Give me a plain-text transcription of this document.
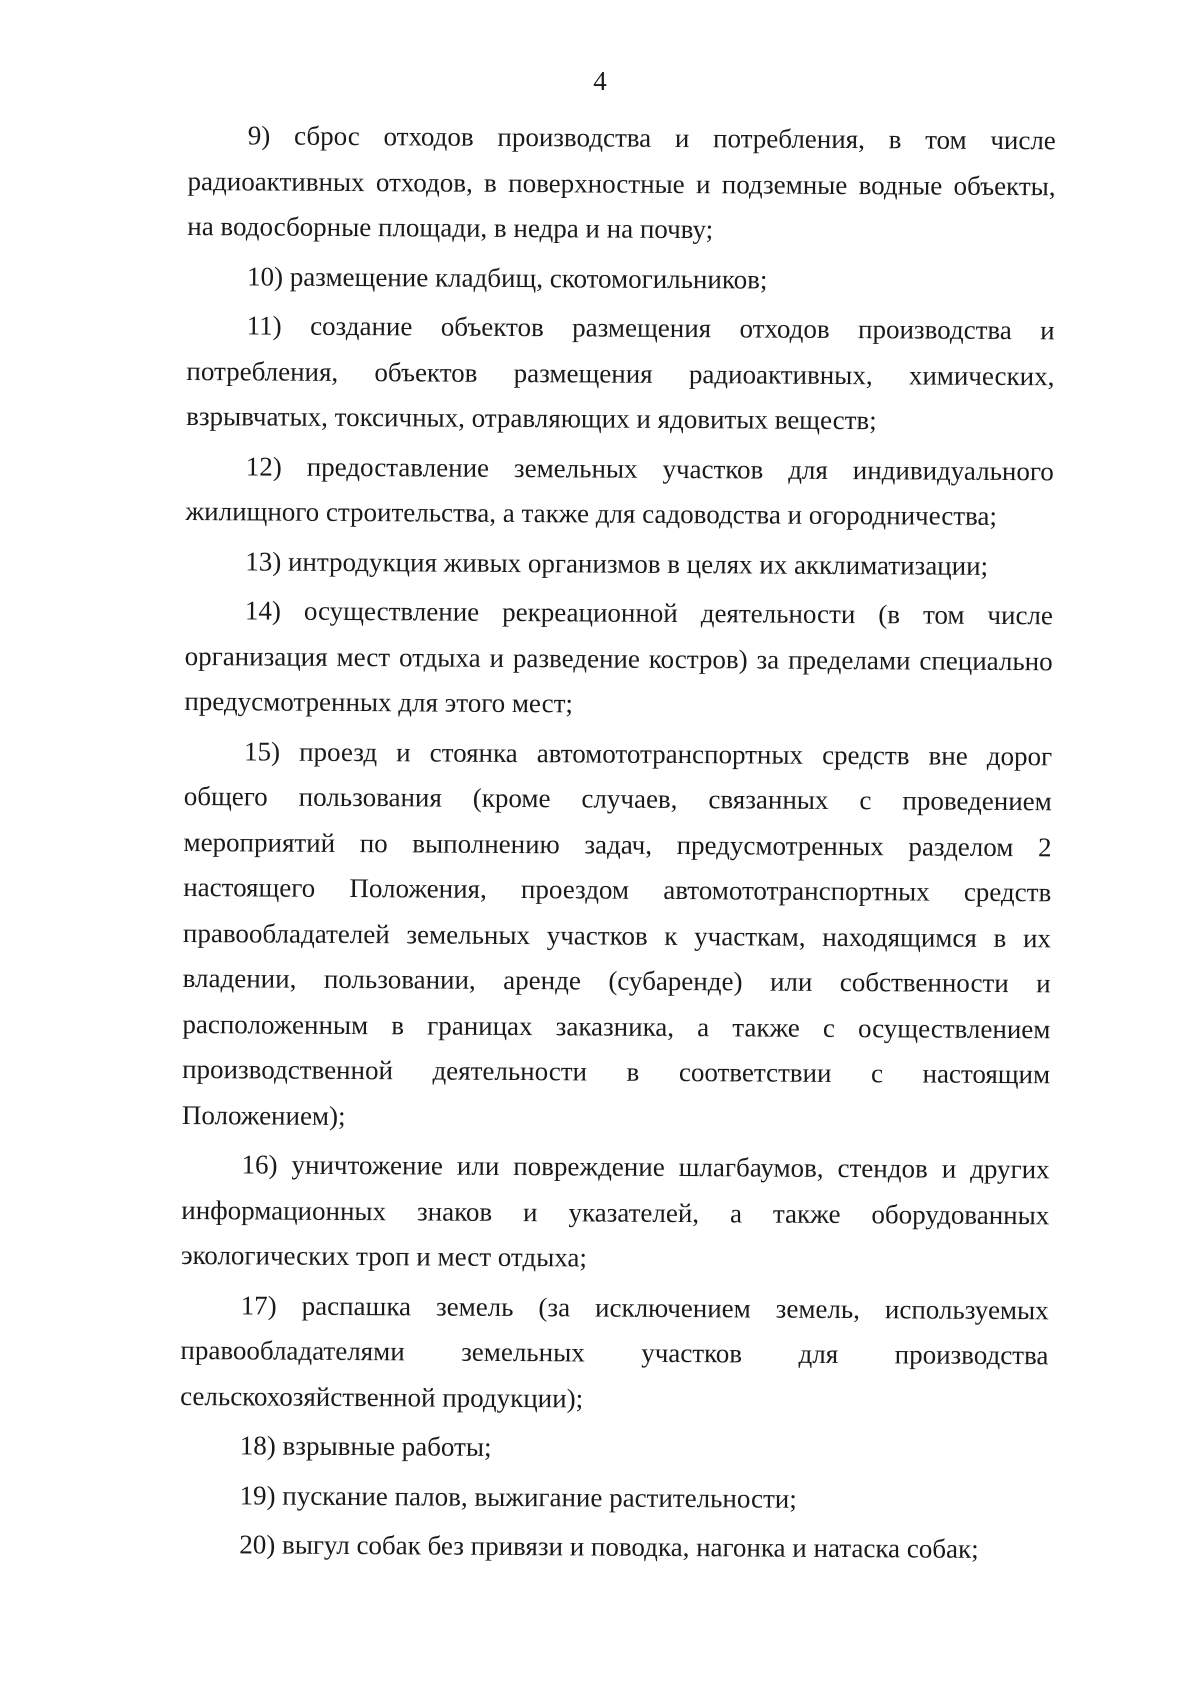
4

9) сброс отходов производства и потребления, в том числе радиоактивных отходов, в поверхностные и подземные водные объекты, на водосборные площади, в недра и на почву;

10) размещение кладбищ, скотомогильников;

11) создание объектов размещения отходов производства и потребления, объектов размещения радиоактивных, химических, взрывчатых, токсичных, отравляющих и ядовитых веществ;

12) предоставление земельных участков для индивидуального жилищного строительства, а также для садоводства и огородничества;

13) интродукция живых организмов в целях их акклиматизации;

14) осуществление рекреационной деятельности (в том числе организация мест отдыха и разведение костров) за пределами специально предусмотренных для этого мест;

15) проезд и стоянка автомототранспортных средств вне дорог общего пользования (кроме случаев, связанных с проведением мероприятий по выполнению задач, предусмотренных разделом 2 настоящего Положения, проездом автомототранспортных средств правообладателей земельных участков к участкам, находящимся в их владении, пользовании, аренде (субаренде) или собственности и расположенным в границах заказника, а также с осуществлением производственной деятельности в соответствии с настоящим Положением);

16) уничтожение или повреждение шлагбаумов, стендов и других информационных знаков и указателей, а также оборудованных экологических троп и мест отдыха;

17) распашка земель (за исключением земель, используемых правообладателями земельных участков для производства сельскохозяйственной продукции);

18) взрывные работы;

19) пускание палов, выжигание растительности;

20) выгул собак без привязи и поводка, нагонка и натаска собак;
